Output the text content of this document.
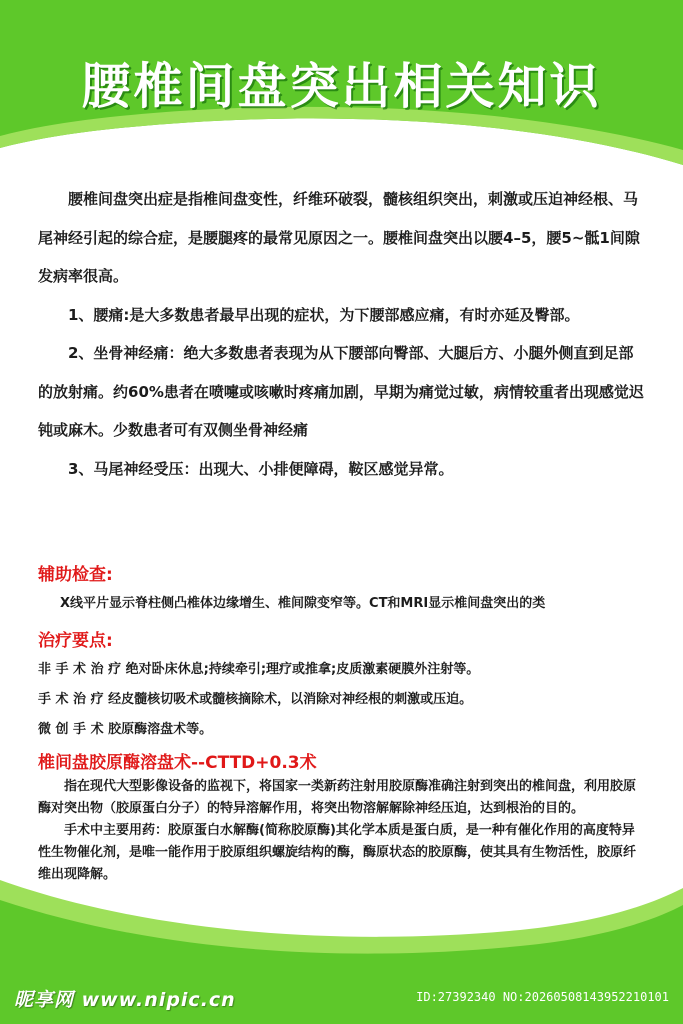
腰椎间盘突出相关知识

腰椎间盘突出症是指椎间盘变性，纤维环破裂，髓核组织突出，刺激或压迫神经根、马尾神经引起的综合症，是腰腿疼的最常见原因之一。腰椎间盘突出以腰4–5，腰5~骶1间隙发病率很高。

1、腰痛:是大多数患者最早出现的症状，为下腰部感应痛，有时亦延及臀部。

2、坐骨神经痛：绝大多数患者表现为从下腰部向臀部、大腿后方、小腿外侧直到足部的放射痛。约60%患者在喷嚏或咳嗽时疼痛加剧，早期为痛觉过敏，病情较重者出现感觉迟钝或麻木。少数患者可有双侧坐骨神经痛

3、马尾神经受压：出现大、小排便障碍，鞍区感觉异常。

辅助检查:
X线平片显示脊柱侧凸椎体边缘增生、椎间隙变窄等。CT和MRI显示椎间盘突出的类
治疗要点:
非 手 术 治 疗 绝对卧床休息;持续牵引;理疗或推拿;皮质激素硬膜外注射等。
手 术 治 疗 经皮髓核切吸术或髓核摘除术，以消除对神经根的刺激或压迫。
微 创 手 术 胶原酶溶盘术等。
椎间盘胶原酶溶盘术--CTTD+0.3术

指在现代大型影像设备的监视下，将国家一类新药注射用胶原酶准确注射到突出的椎间盘，利用胶原酶对突出物（胶原蛋白分子）的特异溶解作用，将突出物溶解解除神经压迫，达到根治的目的。

手术中主要用药：胶原蛋白水解酶(简称胶原酶)其化学本质是蛋白质，是一种有催化作用的高度特异性生物催化剂，是唯一能作用于胶原组织螺旋结构的酶，酶原状态的胶原酶，使其具有生物活性，胶原纤维出现降解。

昵享网 www.nipic.cn	ID:27392340 NO:20260508143952210101
